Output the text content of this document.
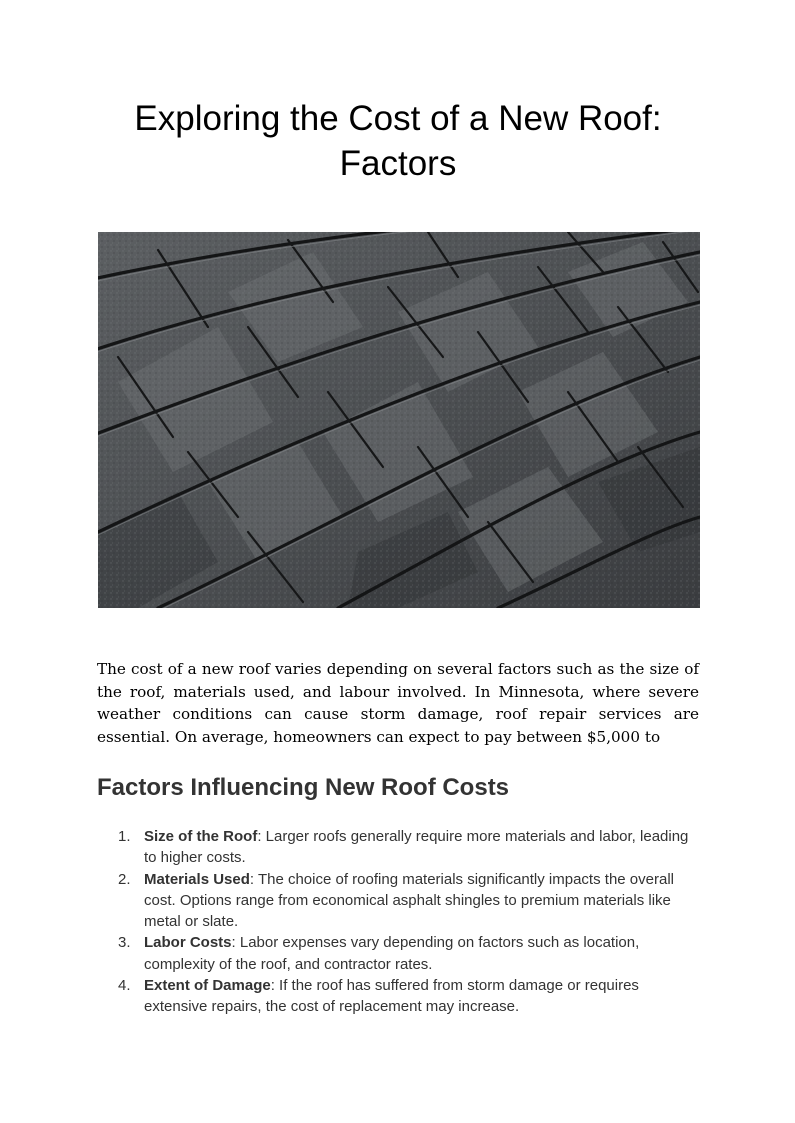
Exploring the Cost of a New Roof:
Factors

The cost of a new roof varies depending on several factors such as the size of the roof, materials used, and labour involved. In Minnesota, where severe weather conditions can cause storm damage, roof repair services are essential. On average, homeowners can expect to pay between $5,000 to

Factors Influencing New Roof Costs
1. Size of the Roof: Larger roofs generally require more materials and labor, leading to higher costs.
2. Materials Used: The choice of roofing materials significantly impacts the overall cost. Options range from economical asphalt shingles to premium materials like metal or slate.
3. Labor Costs: Labor expenses vary depending on factors such as location, complexity of the roof, and contractor rates.
4. Extent of Damage: If the roof has suffered from storm damage or requires extensive repairs, the cost of replacement may increase.
